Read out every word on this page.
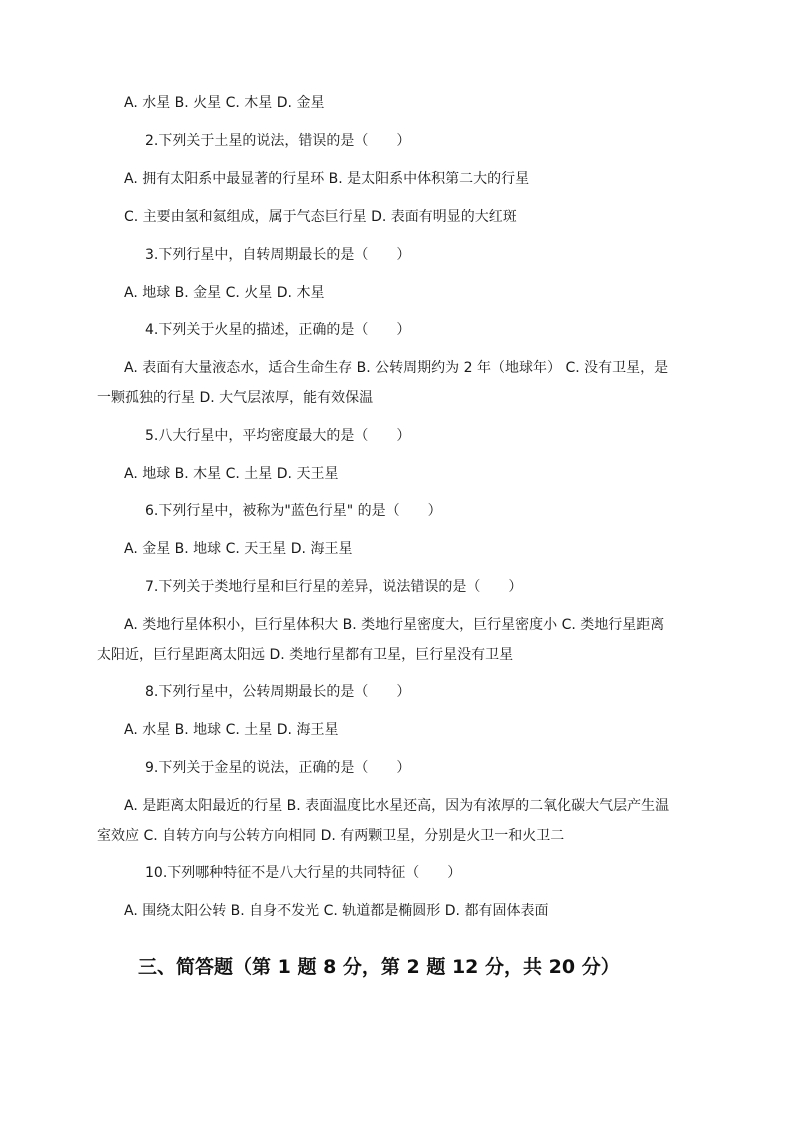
A. 水星 B. 火星 C. 木星 D. 金星
2.下列关于土星的说法，错误的是（　　）
A. 拥有太阳系中最显著的行星环 B. 是太阳系中体积第二大的行星
C. 主要由氢和氦组成，属于气态巨行星 D. 表面有明显的大红斑
3.下列行星中，自转周期最长的是（　　）
A. 地球 B. 金星 C. 火星 D. 木星
4.下列关于火星的描述，正确的是（　　）
A. 表面有大量液态水，适合生命生存 B. 公转周期约为 2 年（地球年） C. 没有卫星，是
一颗孤独的行星 D. 大气层浓厚，能有效保温
5.八大行星中，平均密度最大的是（　　）
A. 地球 B. 木星 C. 土星 D. 天王星
6.下列行星中，被称为"蓝色行星" 的是（　　）
A. 金星 B. 地球 C. 天王星 D. 海王星
7.下列关于类地行星和巨行星的差异，说法错误的是（　　）
A. 类地行星体积小，巨行星体积大 B. 类地行星密度大，巨行星密度小 C. 类地行星距离
太阳近，巨行星距离太阳远 D. 类地行星都有卫星，巨行星没有卫星
8.下列行星中，公转周期最长的是（　　）
A. 水星 B. 地球 C. 土星 D. 海王星
9.下列关于金星的说法，正确的是（　　）
A. 是距离太阳最近的行星 B. 表面温度比水星还高，因为有浓厚的二氧化碳大气层产生温
室效应 C. 自转方向与公转方向相同 D. 有两颗卫星，分别是火卫一和火卫二
10.下列哪种特征不是八大行星的共同特征（　　）
A. 围绕太阳公转 B. 自身不发光 C. 轨道都是椭圆形 D. 都有固体表面
三、简答题（第 1 题 8 分，第 2 题 12 分，共 20 分）
